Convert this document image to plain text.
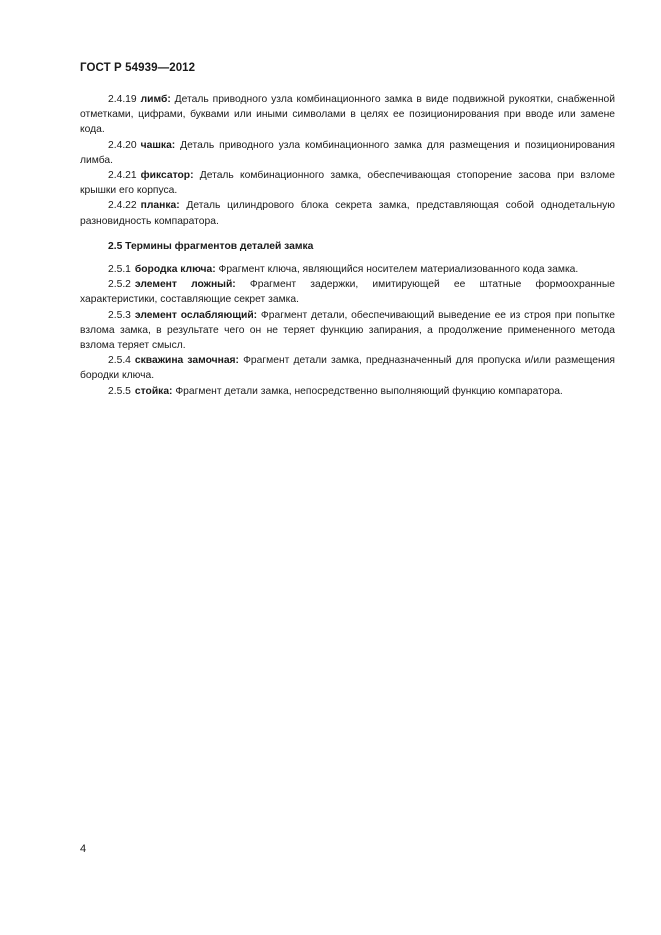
ГОСТ Р 54939—2012

2.4.19 лимб: Деталь приводного узла комбинационного замка в виде подвижной рукоятки, снабженной отметками, цифрами, буквами или иными символами в целях ее позиционирования при вводе или замене кода.

2.4.20 чашка: Деталь приводного узла комбинационного замка для размещения и позиционирования лимба.

2.4.21 фиксатор: Деталь комбинационного замка, обеспечивающая стопорение засова при взломе крышки его корпуса.

2.4.22 планка: Деталь цилиндрового блока секрета замка, представляющая собой однодетальную разновидность компаратора.

2.5 Термины фрагментов деталей замка

2.5.1 бородка ключа: Фрагмент ключа, являющийся носителем материализованного кода замка.

2.5.2 элемент ложный: Фрагмент задержки, имитирующей ее штатные формоохранные характеристики, составляющие секрет замка.

2.5.3 элемент ослабляющий: Фрагмент детали, обеспечивающий выведение ее из строя при попытке взлома замка, в результате чего он не теряет функцию запирания, а продолжение примененного метода взлома теряет смысл.

2.5.4 скважина замочная: Фрагмент детали замка, предназначенный для пропуска и/или размещения бородки ключа.

2.5.5 стойка: Фрагмент детали замка, непосредственно выполняющий функцию компаратора.

4
